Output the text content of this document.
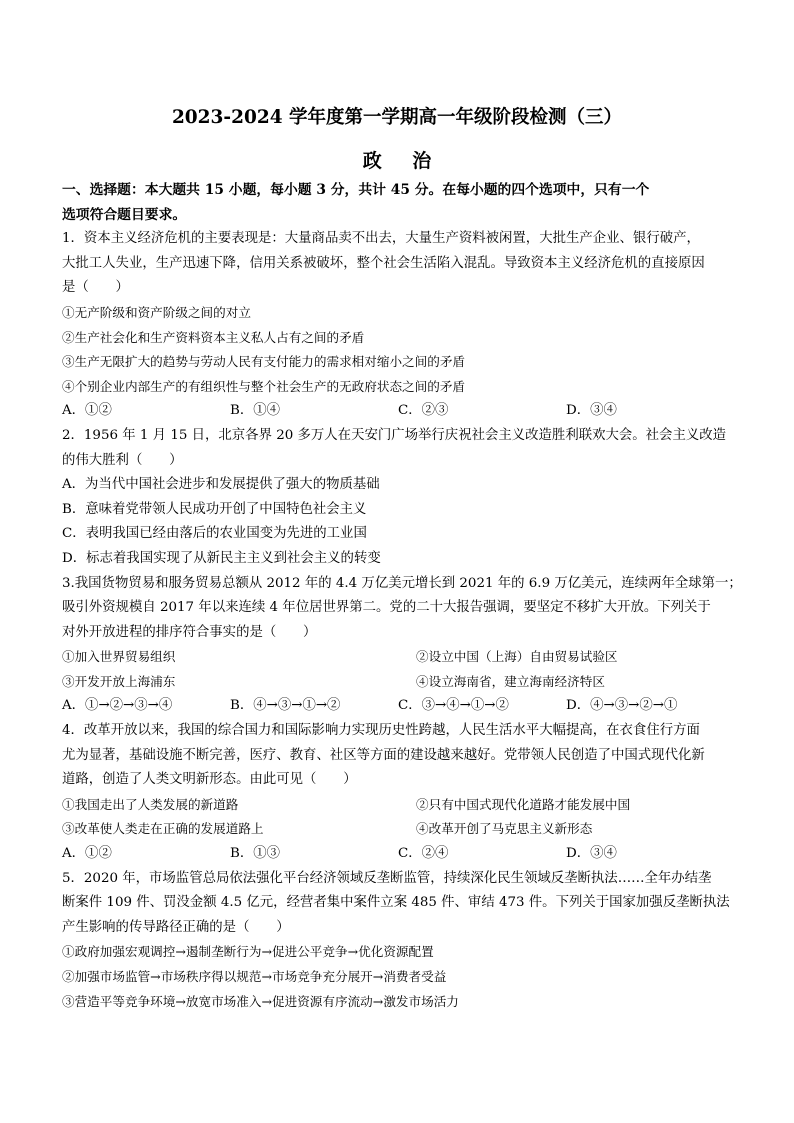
2023-2024 学年度第一学期高一年级阶段检测（三）
政 治
一、选择题：本大题共 15 小题，每小题 3 分，共计 45 分。在每小题的四个选项中，只有一个
选项符合题目要求。

1．资本主义经济危机的主要表现是：大量商品卖不出去，大量生产资料被闲置，大批生产企业、银行破产，

大批工人失业，生产迅速下降，信用关系被破坏，整个社会生活陷入混乱。导致资本主义经济危机的直接原因

是（　　）

①无产阶级和资产阶级之间的对立

②生产社会化和生产资料资本主义私人占有之间的矛盾

③生产无限扩大的趋势与劳动人民有支付能力的需求相对缩小之间的矛盾

④个别企业内部生产的有组织性与整个社会生产的无政府状态之间的矛盾

A．①②	B．①④	C．②③	D．③④

2．1956 年 1 月 15 日，北京各界 20 多万人在天安门广场举行庆祝社会主义改造胜利联欢大会。社会主义改造

的伟大胜利（　　）

A．为当代中国社会进步和发展提供了强大的物质基础

B．意味着党带领人民成功开创了中国特色社会主义

C．表明我国已经由落后的农业国变为先进的工业国

D．标志着我国实现了从新民主主义到社会主义的转变

3.我国货物贸易和服务贸易总额从 2012 年的 4.4 万亿美元增长到 2021 年的 6.9 万亿美元，连续两年全球第一；

吸引外资规模自 2017 年以来连续 4 年位居世界第二。党的二十大报告强调，要坚定不移扩大开放。下列关于

对外开放进程的排序符合事实的是（　　）

①加入世界贸易组织	②设立中国（上海）自由贸易试验区
③开发开放上海浦东	④设立海南省，建立海南经济特区
A．①→②→③→④	B．④→③→①→②	C．③→④→①→②	D．④→③→②→①

4．改革开放以来，我国的综合国力和国际影响力实现历史性跨越，人民生活水平大幅提高，在衣食住行方面

尤为显著，基础设施不断完善，医疗、教育、社区等方面的建设越来越好。党带领人民创造了中国式现代化新

道路，创造了人类文明新形态。由此可见（　　）

①我国走出了人类发展的新道路	②只有中国式现代化道路才能发展中国
③改革使人类走在正确的发展道路上	④改革开创了马克思主义新形态
A．①②	B．①③	C．②④	D．③④

5．2020 年，市场监管总局依法强化平台经济领域反垄断监管，持续深化民生领域反垄断执法……全年办结垄

断案件 109 件、罚没金额 4.5 亿元，经营者集中案件立案 485 件、审结 473 件。下列关于国家加强反垄断执法

产生影响的传导路径正确的是（　　）

①政府加强宏观调控→遏制垄断行为→促进公平竞争→优化资源配置

②加强市场监管→市场秩序得以规范→市场竞争充分展开→消费者受益

③营造平等竞争环境→放宽市场准入→促进资源有序流动→激发市场活力
